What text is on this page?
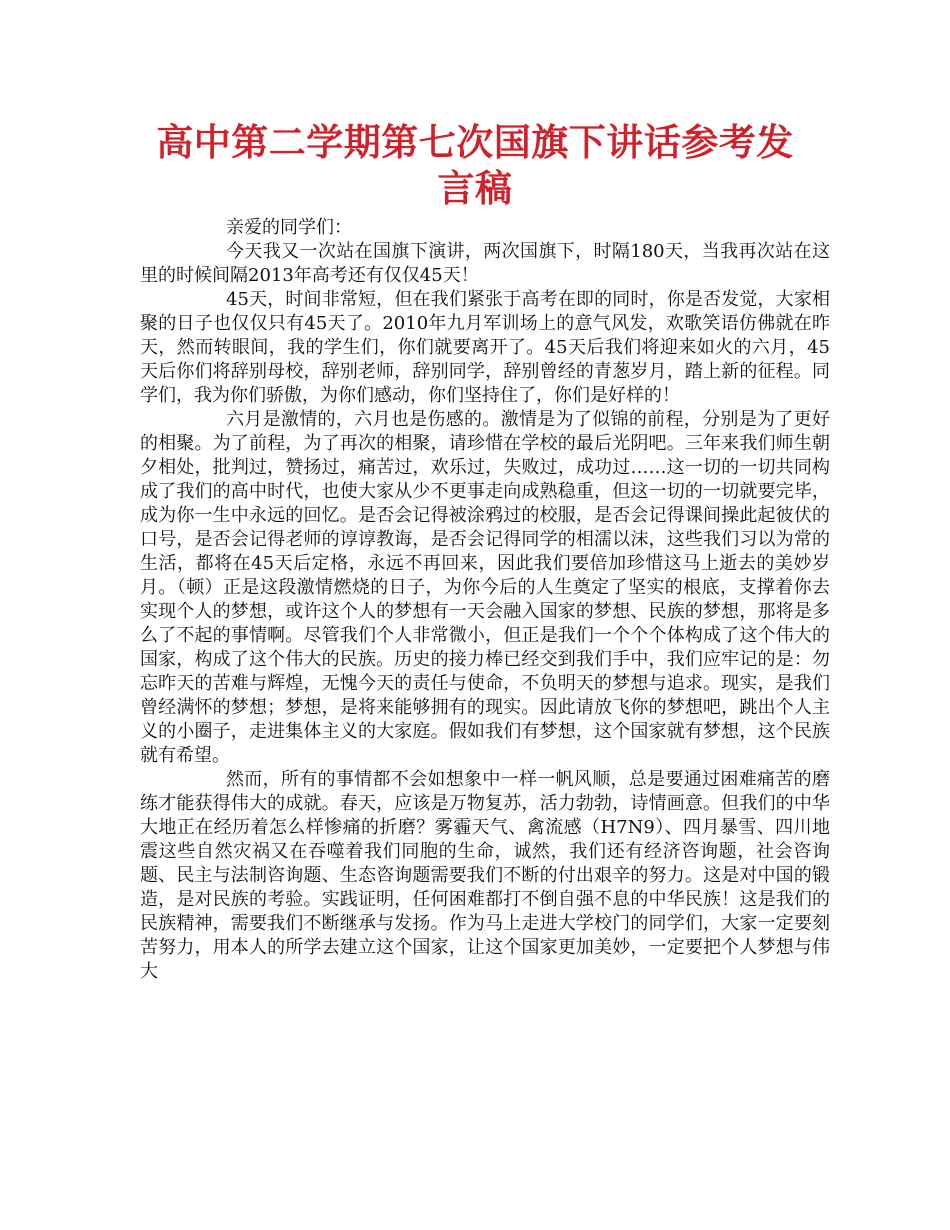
高中第二学期第七次国旗下讲话参考发言稿

亲爱的同学们：

今天我又一次站在国旗下演讲，两次国旗下，时隔180天，当我再次站在这里的时候间隔2013年高考还有仅仅45天！

45天，时间非常短，但在我们紧张于高考在即的同时，你是否发觉，大家相聚的日子也仅仅只有45天了。2010年九月军训场上的意气风发，欢歌笑语仿佛就在昨天，然而转眼间，我的学生们，你们就要离开了。45天后我们将迎来如火的六月，45天后你们将辞别母校，辞别老师，辞别同学，辞别曾经的青葱岁月，踏上新的征程。同学们，我为你们骄傲，为你们感动，你们坚持住了，你们是好样的！

六月是激情的，六月也是伤感的。激情是为了似锦的前程，分别是为了更好的相聚。为了前程，为了再次的相聚，请珍惜在学校的最后光阴吧。三年来我们师生朝夕相处，批判过，赞扬过，痛苦过，欢乐过，失败过，成功过……这一切的一切共同构成了我们的高中时代，也使大家从少不更事走向成熟稳重，但这一切的一切就要完毕，成为你一生中永远的回忆。是否会记得被涂鸦过的校服，是否会记得课间操此起彼伏的口号，是否会记得老师的谆谆教诲，是否会记得同学的相濡以沫，这些我们习以为常的生活，都将在45天后定格，永远不再回来，因此我们要倍加珍惜这马上逝去的美妙岁月。（顿）正是这段激情燃烧的日子，为你今后的人生奠定了坚实的根底，支撑着你去实现个人的梦想，或许这个人的梦想有一天会融入国家的梦想、民族的梦想，那将是多么了不起的事情啊。尽管我们个人非常微小，但正是我们一个个个体构成了这个伟大的国家，构成了这个伟大的民族。历史的接力棒已经交到我们手中，我们应牢记的是：勿忘昨天的苦难与辉煌，无愧今天的责任与使命，不负明天的梦想与追求。现实，是我们曾经满怀的梦想；梦想，是将来能够拥有的现实。因此请放飞你的梦想吧，跳出个人主义的小圈子，走进集体主义的大家庭。假如我们有梦想，这个国家就有梦想，这个民族就有希望。

然而，所有的事情都不会如想象中一样一帆风顺，总是要通过困难痛苦的磨练才能获得伟大的成就。春天，应该是万物复苏，活力勃勃，诗情画意。但我们的中华大地正在经历着怎么样惨痛的折磨？雾霾天气、禽流感（H7N9）、四月暴雪、四川地震这些自然灾祸又在吞噬着我们同胞的生命，诚然，我们还有经济咨询题，社会咨询题、民主与法制咨询题、生态咨询题需要我们不断的付出艰辛的努力。这是对中国的锻造，是对民族的考验。实践证明，任何困难都打不倒自强不息的中华民族！这是我们的民族精神，需要我们不断继承与发扬。作为马上走进大学校门的同学们，大家一定要刻苦努力，用本人的所学去建立这个国家，让这个国家更加美妙，一定要把个人梦想与伟大
